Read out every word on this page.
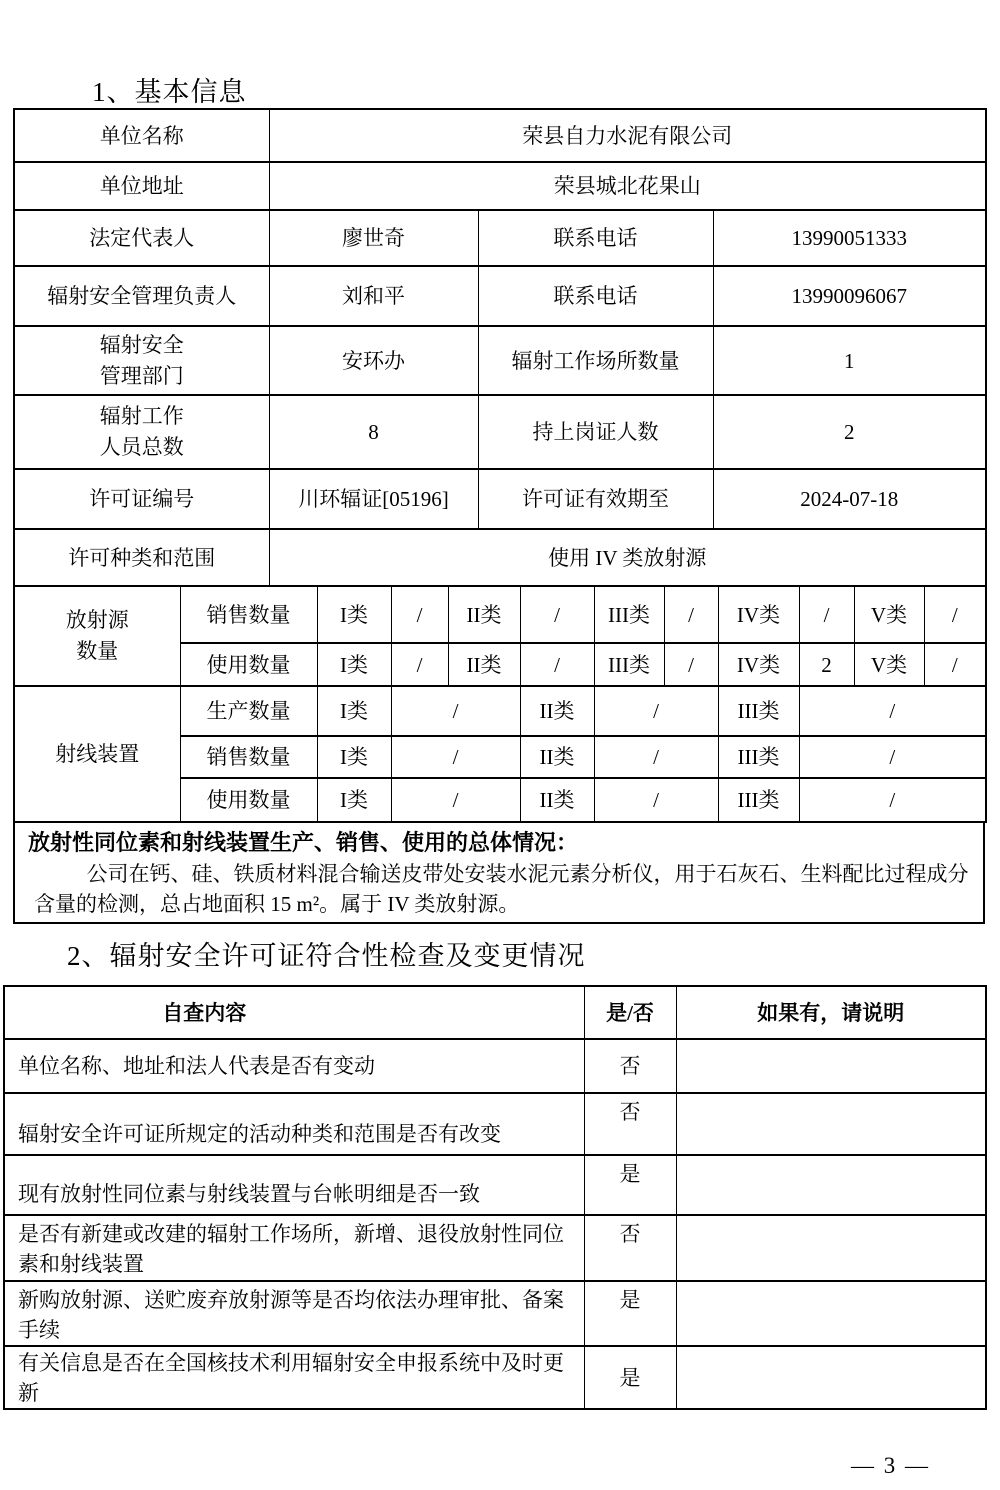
1、基本信息
单位名称	荣县自力水泥有限公司		
单位地址	荣县城北花果山		
法定代表人	廖世奇	联系电话	13990051333
辐射安全管理负责人	刘和平	联系电话	13990096067

辐射安全
管理部门	安环办	辐射工作场所数量	1

辐射工作
人员总数	8	持上岗证人数	2
许可证编号	川环辐证[05196]	许可证有效期至	2024-07-18
许可种类和范围	使用 IV 类放射源		
放射源
数量	销售数量	I类	/	II类	/	III类	/	IV类	/	V类	/
	使用数量	I类	/	II类	/	III类	/	IV类	2	V类	/
射线装置	生产数量	I类	/		II类	/		III类	/		
	销售数量	I类	/		II类	/		III类	/		
	使用数量	I类	/		II类	/		III类	/		
放射性同位素和射线装置生产、销售、使用的总体情况：
公司在钙、硅、铁质材料混合输送皮带处安装水泥元素分析仪，用于石灰石、生料配比过程成分含量的检测，总占地面积 15 m²。属于 IV 类放射源。
2、辐射安全许可证符合性检查及变更情况
自查内容	是/否	如果有，请说明
单位名称、地址和法人代表是否有变动	否	
辐射安全许可证所规定的活动种类和范围是否有改变	否	
现有放射性同位素与射线装置与台帐明细是否一致	是	
是否有新建或改建的辐射工作场所，新增、退役放射性同位素和射线装置	否	
新购放射源、送贮废弃放射源等是否均依法办理审批、备案手续	是	
有关信息是否在全国核技术利用辐射安全申报系统中及时更新	是	
— 3 —
